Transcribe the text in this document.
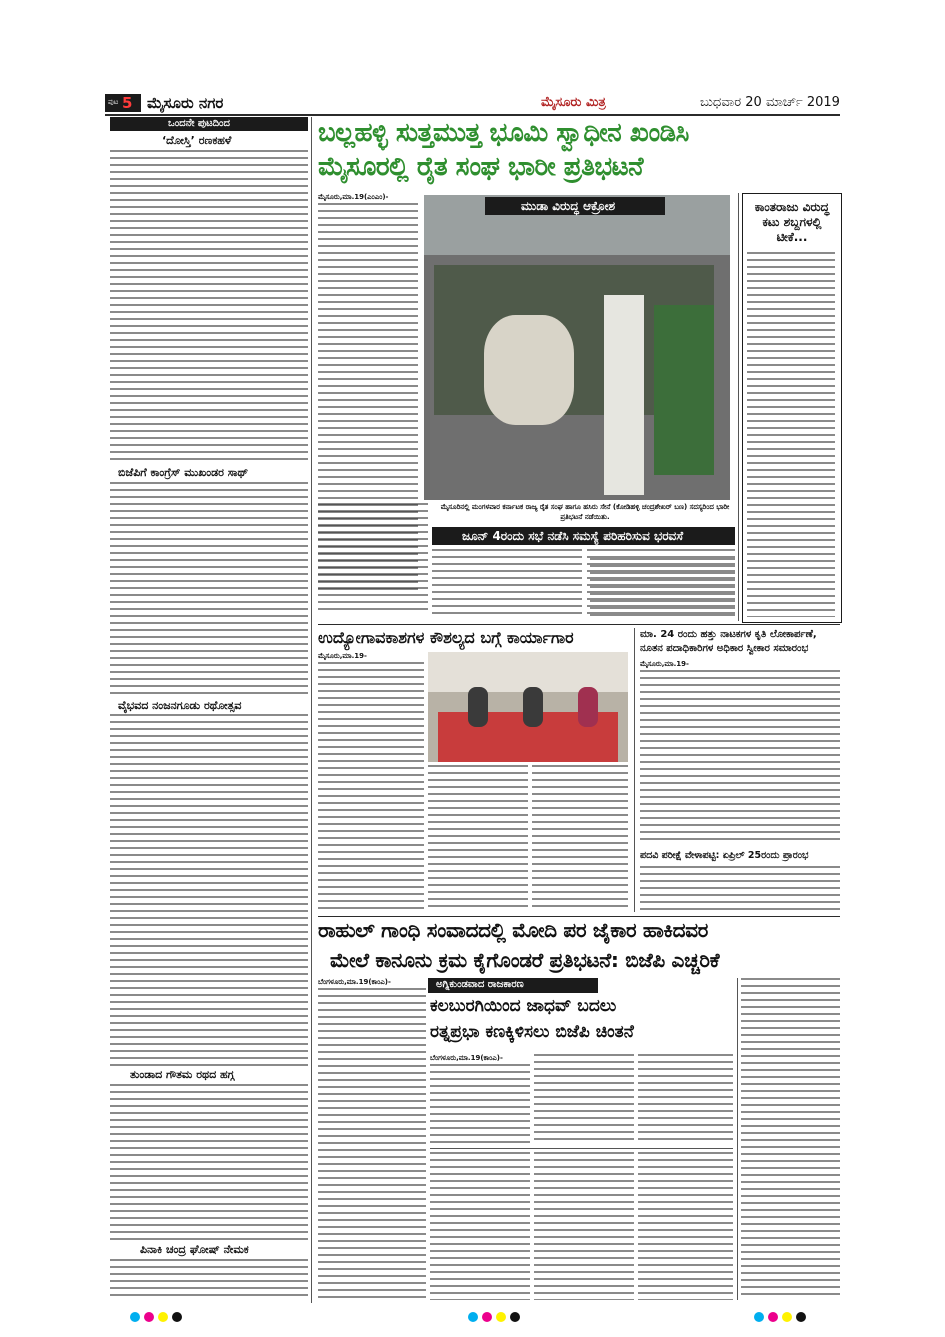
ಪುಟ 5 ಮೈಸೂರು ನಗರ	ಮೈಸೂರು ಮಿತ್ರ	ಬುಧವಾರ 20 ಮಾರ್ಚ್ 2019
ಒಂದನೇ ಪುಟದಿಂದ
‘ದೋಸ್ತಿ’ ರಣಕಹಳೆ
ಬಿಜೆಪಿಗೆ ಕಾಂಗ್ರೆಸ್ ಮುಖಂಡರ ಸಾಥ್
ವೈಭವದ ನಂಜನಗೂಡು ರಥೋತ್ಸವ
ತುಂಡಾದ ಗೌತಮ ರಥದ ಹಗ್ಗ
ಪಿನಾಕಿ ಚಂದ್ರ ಘೋಷ್ ನೇಮಕ
ಬಲ್ಲಹಳ್ಳಿ ಸುತ್ತಮುತ್ತ ಭೂಮಿ ಸ್ವಾಧೀನ ಖಂಡಿಸಿ
ಮೈಸೂರಲ್ಲಿ ರೈತ ಸಂಘ ಭಾರೀ ಪ್ರತಿಭಟನೆ
ಮೈಸೂರು,ಮಾ.19(ಎಂಎಂ)-
ಮುಡಾ ವಿರುದ್ಧ ಆಕ್ರೋಶ
ಮೈಸೂರಿನಲ್ಲಿ ಮಂಗಳವಾರ ಕರ್ನಾಟಕ ರಾಜ್ಯ ರೈತ ಸಂಘ ಹಾಗೂ ಹಸಿರು ಸೇನೆ (ಕೋಡಿಹಳ್ಳಿ ಚಂದ್ರಶೇಖರ್ ಬಣ) ಸದಸ್ಯರಿಂದ ಭಾರೀ ಪ್ರತಿಭಟನೆ ನಡೆಯಿತು.
ಜೂನ್ 4ರಂದು ಸಭೆ ನಡೆಸಿ ಸಮಸ್ಯೆ ಪರಿಹರಿಸುವ ಭರವಸೆ
ಕಾಂತರಾಜು ವಿರುದ್ಧ ಕಟು ಶಬ್ದಗಳಲ್ಲಿ ಟೀಕೆ...
ಉದ್ಯೋಗಾವಕಾಶಗಳ ಕೌಶಲ್ಯದ ಬಗ್ಗೆ ಕಾರ್ಯಾಗಾರ
ಮೈಸೂರು,ಮಾ.19-
ಮಾ. 24 ರಂದು ಹತ್ತು ನಾಟಕಗಳ ಕೃತಿ ಲೋಕಾರ್ಪಣೆ, ನೂತನ ಪದಾಧಿಕಾರಿಗಳ ಅಧಿಕಾರ ಸ್ವೀಕಾರ ಸಮಾರಂಭ
ಮೈಸೂರು,ಮಾ.19-
ಪದವಿ ಪರೀಕ್ಷೆ ವೇಳಾಪಟ್ಟಿ: ಏಪ್ರಿಲ್ 25ರಂದು ಪ್ರಾರಂಭ
ರಾಹುಲ್ ಗಾಂಧಿ ಸಂವಾದದಲ್ಲಿ ಮೋದಿ ಪರ ಜೈಕಾರ ಹಾಕಿದವರ
ಮೇಲೆ ಕಾನೂನು ಕ್ರಮ ಕೈಗೊಂಡರೆ ಪ್ರತಿಭಟನೆ: ಬಿಜೆಪಿ ಎಚ್ಚರಿಕೆ
ಬೆಂಗಳೂರು,ಮಾ.19(ಕಾಂಎ)-	ಅಗ್ನಿಕುಂಡವಾದ ರಾಜಕಾರಣ
ಕಲಬುರಗಿಯಿಂದ ಜಾಧವ್ ಬದಲು
ರತ್ನಪ್ರಭಾ ಕಣಕ್ಕಿಳಿಸಲು ಬಿಜೆಪಿ ಚಿಂತನೆ
ಬೆಂಗಳೂರು,ಮಾ.19(ಕಾಂಎ)-
